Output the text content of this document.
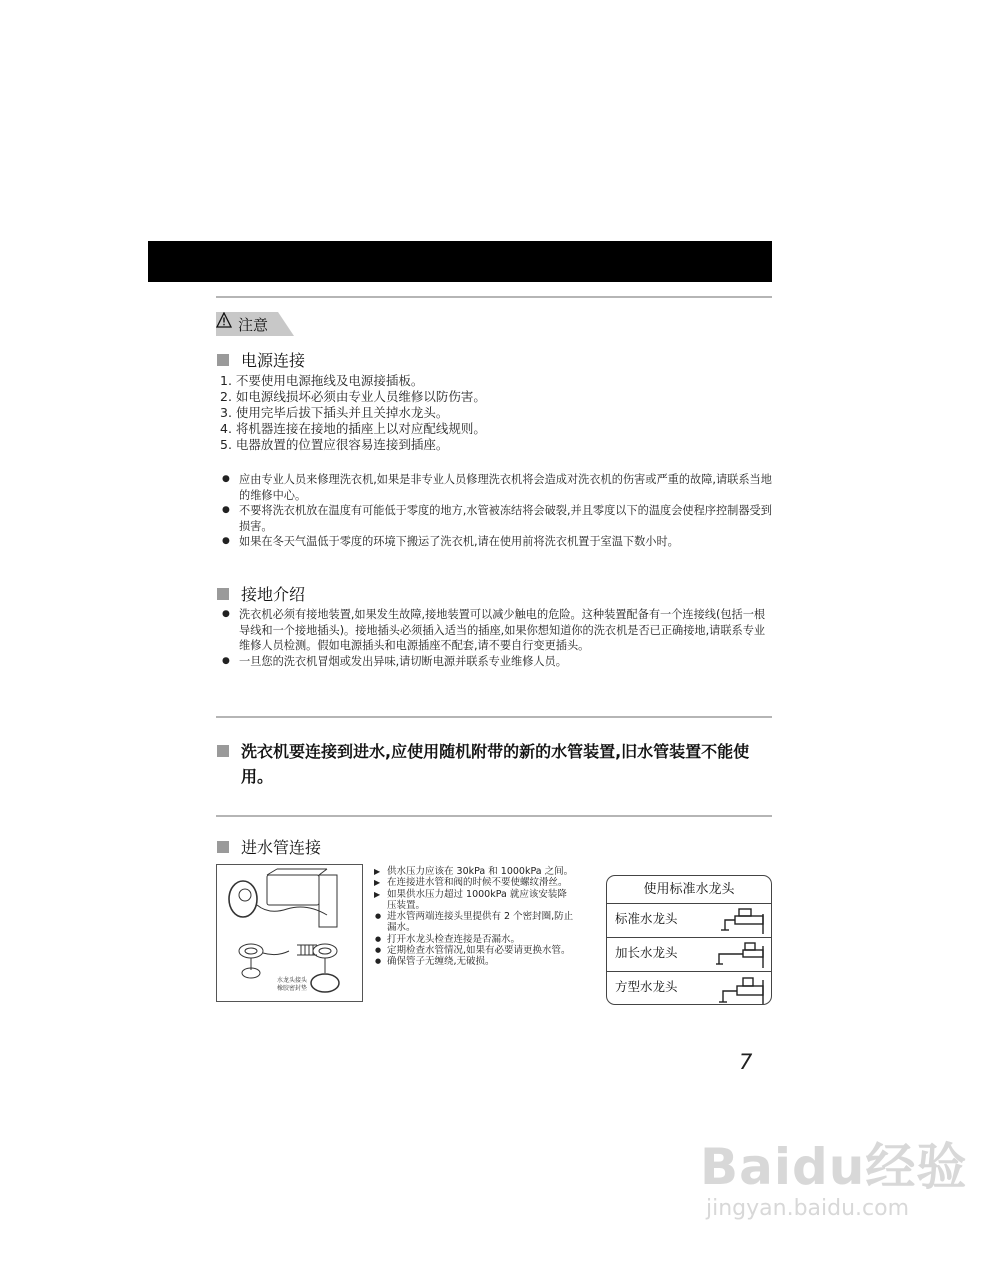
注意
电源连接
1. 不要使用电源拖线及电源接插板。
2. 如电源线损坏必须由专业人员维修以防伤害。
3. 使用完毕后拔下插头并且关掉水龙头。
4. 将机器连接在接地的插座上以对应配线规则。
5. 电器放置的位置应很容易连接到插座。
● 应由专业人员来修理洗衣机,如果是非专业人员修理洗衣机将会造成对洗衣机的伤害或严重的故障,请联系当地的维修中心。
● 不要将洗衣机放在温度有可能低于零度的地方,水管被冻结将会破裂,并且零度以下的温度会使程序控制器受到损害。
● 如果在冬天气温低于零度的环境下搬运了洗衣机,请在使用前将洗衣机置于室温下数小时。
接地介绍
● 洗衣机必须有接地装置,如果发生故障,接地装置可以减少触电的危险。这种装置配备有一个连接线(包括一根导线和一个接地插头)。接地插头必须插入适当的插座,如果你想知道你的洗衣机是否已正确接地,请联系专业维修人员检测。假如电源插头和电源插座不配套,请不要自行变更插头。
● 一旦您的洗衣机冒烟或发出异味,请切断电源并联系专业维修人员。
洗衣机要连接到进水,应使用随机附带的新的水管装置,旧水管装置不能使用。
进水管连接
水龙头接头
橡胶密封垫
▶ 供水压力应该在 30kPa 和 1000kPa 之间。
▶ 在连接进水管和阀的时候不要使螺纹滑丝。
▶ 如果供水压力超过 1000kPa 就应该安装降压装置。
● 进水管两端连接头里提供有 2 个密封圈,防止漏水。
● 打开水龙头检查连接是否漏水。
● 定期检查水管情况,如果有必要请更换水管。
● 确保管子无缠绕,无破损。
使用标准水龙头
标准水龙头
加长水龙头
方型水龙头
7
Baidu经验
jingyan.baidu.com
